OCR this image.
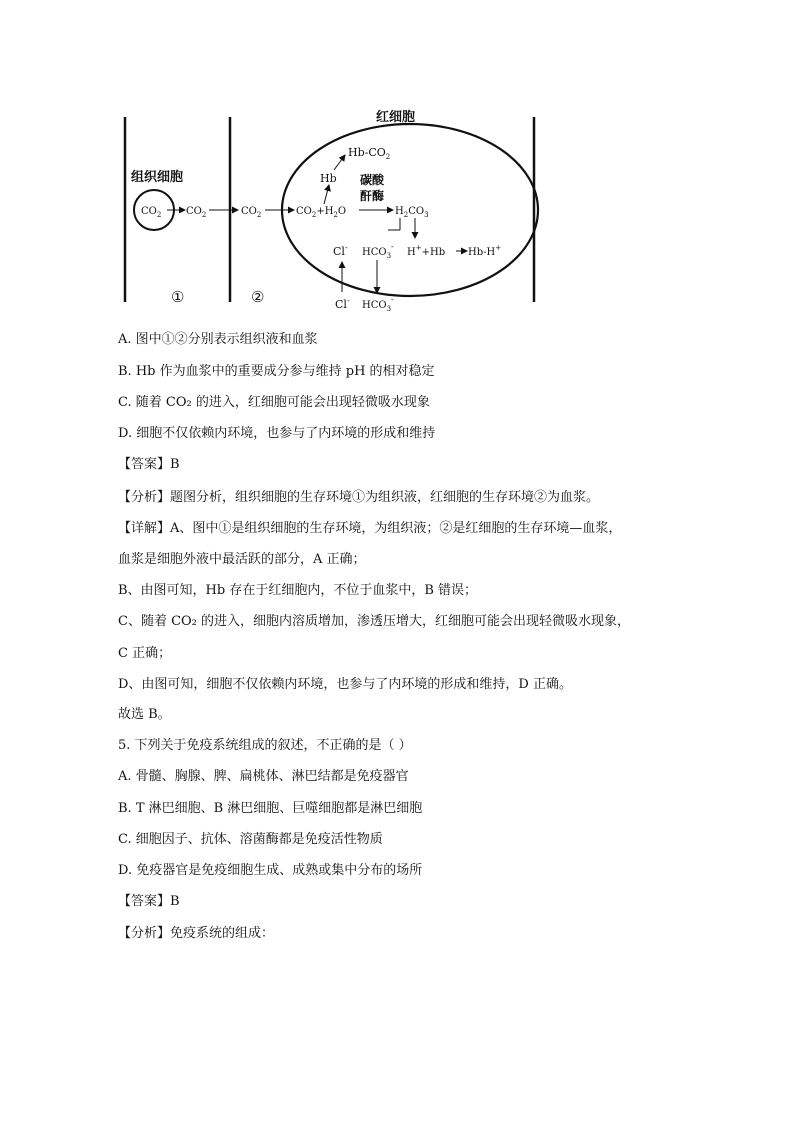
红细胞
组织细胞
$CO_2$ $CO_2$	$CO_2$	$CO_2+H_2O$
Hb
$Hb-CO_2$
碳酸
酐酶
$H_2CO_3$
Cl- $HCO_3^-$
H++Hb Hb-H+
Cl- $HCO_3^-$
①	②
A. 图中①②分别表示组织液和血浆
B. Hb 作为血浆中的重要成分参与维持 pH 的相对稳定
C. 随着 CO₂ 的进入，红细胞可能会出现轻微吸水现象
D. 细胞不仅依赖内环境，也参与了内环境的形成和维持
【答案】B
【分析】题图分析，组织细胞的生存环境①为组织液，红细胞的生存环境②为血浆。
【详解】A、图中①是组织细胞的生存环境，为组织液；②是红细胞的生存环境—血浆，
血浆是细胞外液中最活跃的部分，A 正确；
B、由图可知，Hb 存在于红细胞内，不位于血浆中，B 错误；
C、随着 CO₂ 的进入，细胞内溶质增加，渗透压增大，红细胞可能会出现轻微吸水现象，
C 正确；
D、由图可知，细胞不仅依赖内环境，也参与了内环境的形成和维持，D 正确。
故选 B。
5. 下列关于免疫系统组成的叙述，不正确的是（ ）
A. 骨髓、胸腺、脾、扁桃体、淋巴结都是免疫器官
B. T 淋巴细胞、B 淋巴细胞、巨噬细胞都是淋巴细胞
C. 细胞因子、抗体、溶菌酶都是免疫活性物质
D. 免疫器官是免疫细胞生成、成熟或集中分布的场所
【答案】B
【分析】免疫系统的组成：
